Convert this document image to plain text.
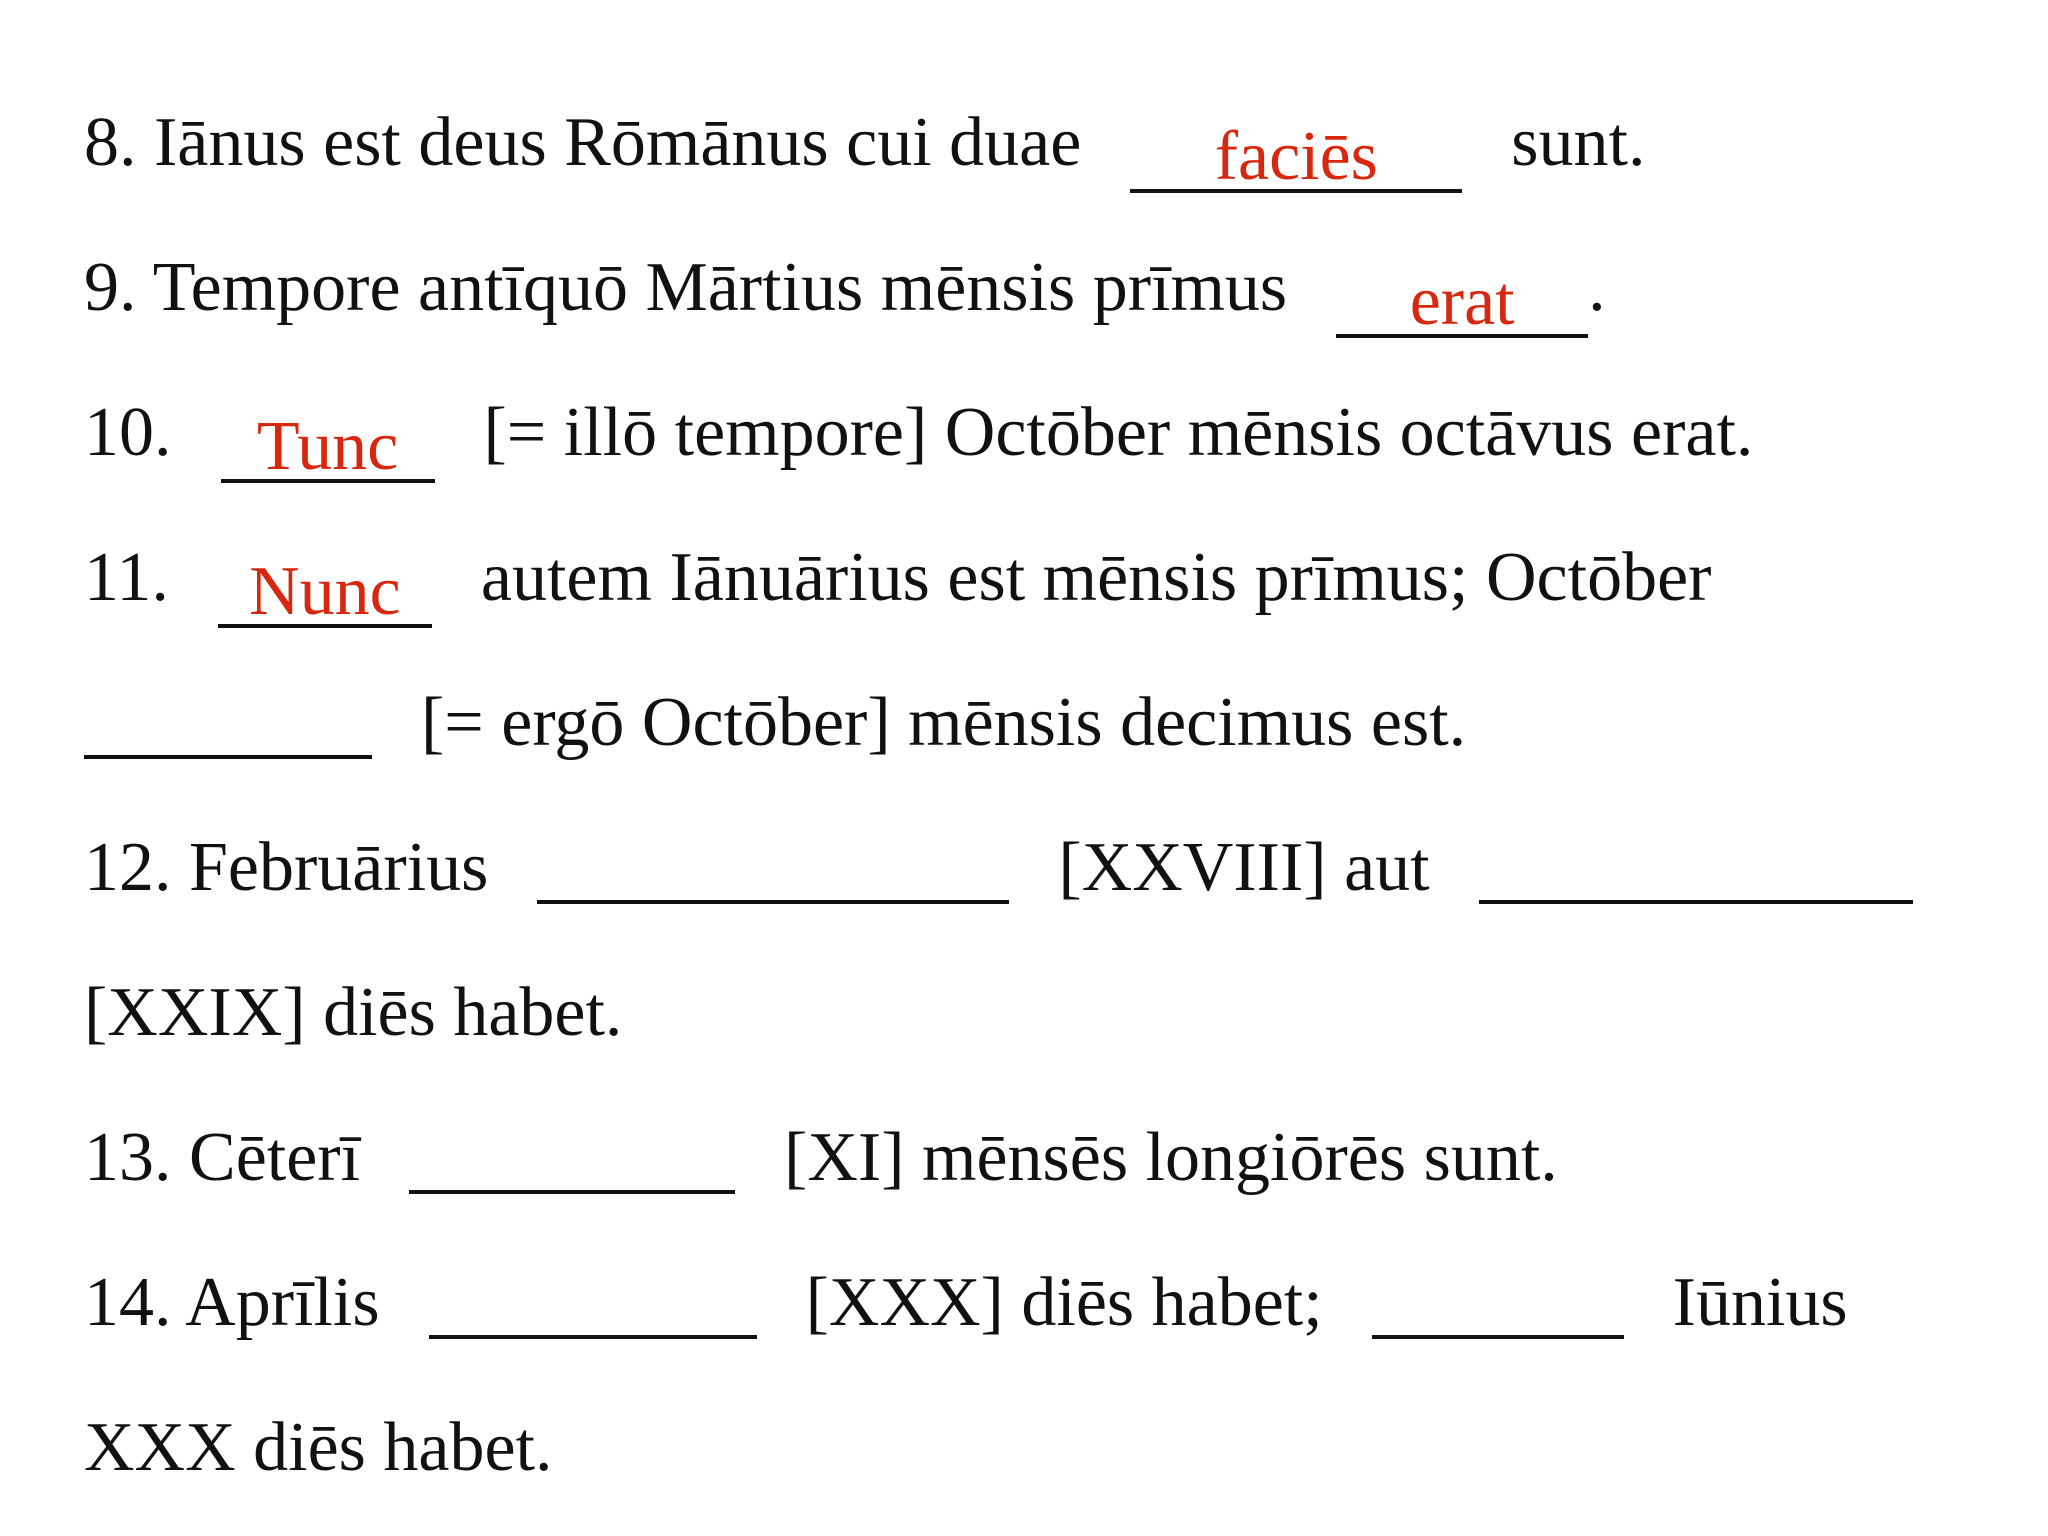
8. Iānus est deus Rōmānus cui duae	faciēs	sunt.
9. Tempore antīquō Mārtius mēnsis prīmus	erat	.
10.	Tunc	[= illō tempore] Octōber mēnsis octāvus erat.
11.	Nunc	autem Iānuārius est mēnsis prīmus; Octōber
[= ergō Octōber] mēnsis decimus est.
12. Februārius	[XXVIII] aut
[XXIX] diēs habet.
13. Cēterī	[XI] mēnsēs longiōrēs sunt.
14. Aprīlis	[XXX] diēs habet;	Iūnius
XXX diēs habet.
